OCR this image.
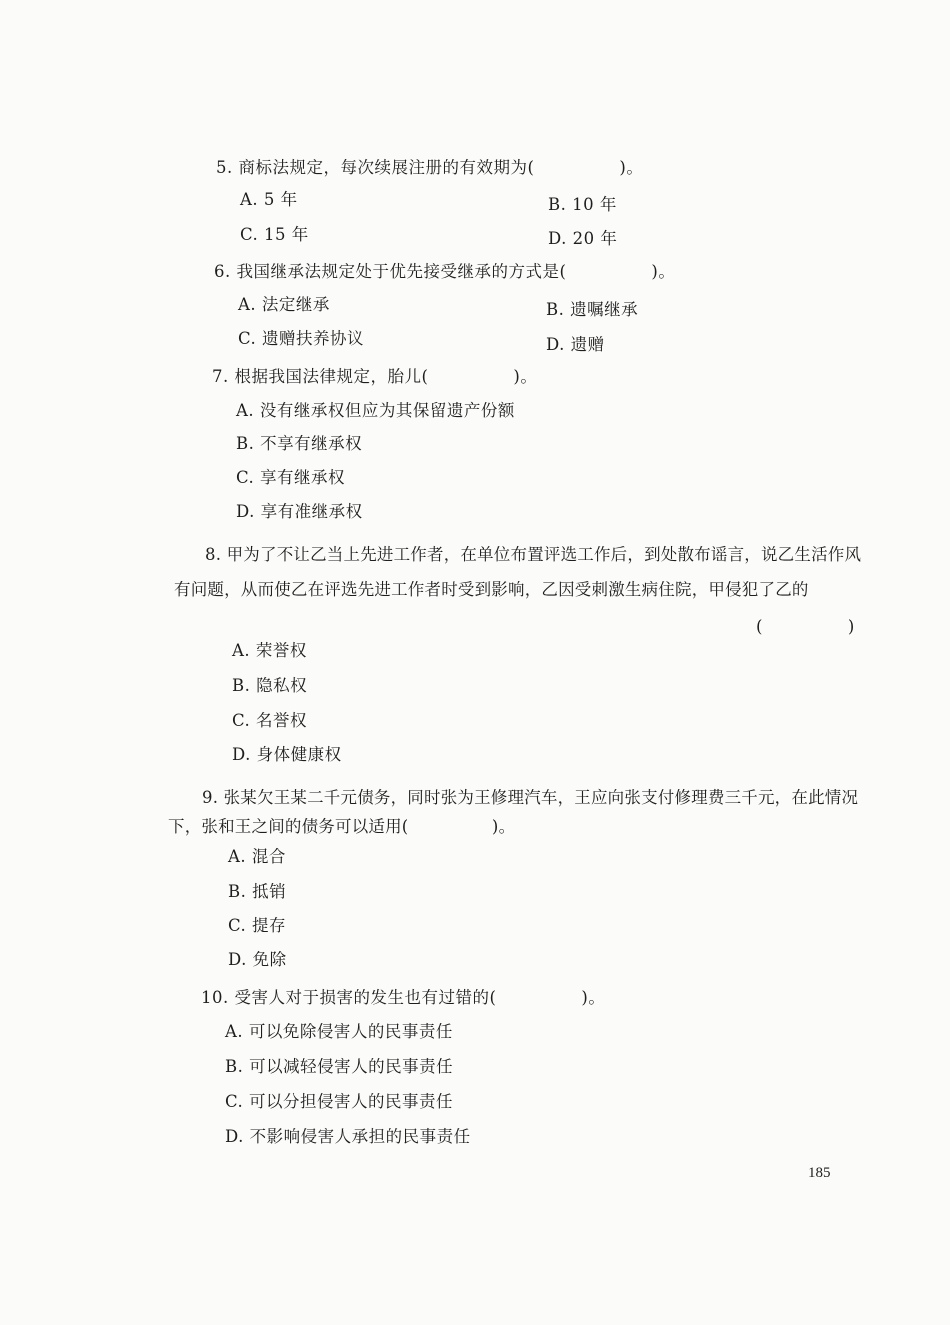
5. 商标法规定，每次续展注册的有效期为(　　　　　)。
A. 5 年	B. 10 年
C. 15 年	D. 20 年
6. 我国继承法规定处于优先接受继承的方式是(　　　　　)。
A. 法定继承	B. 遗嘱继承
C. 遗赠扶养协议	D. 遗赠
7. 根据我国法律规定，胎儿(　　　　　)。
A. 没有继承权但应为其保留遗产份额
B. 不享有继承权
C. 享有继承权
D. 享有准继承权
8. 甲为了不让乙当上先进工作者，在单位布置评选工作后，到处散布谣言，说乙生活作风
有问题，从而使乙在评选先进工作者时受到影响，乙因受刺激生病住院，甲侵犯了乙的
(　　　　　)
A. 荣誉权
B. 隐私权
C. 名誉权
D. 身体健康权
9. 张某欠王某二千元债务，同时张为王修理汽车，王应向张支付修理费三千元，在此情况
下，张和王之间的债务可以适用(　　　　　)。
A. 混合
B. 抵销
C. 提存
D. 免除
10. 受害人对于损害的发生也有过错的(　　　　　)。
A. 可以免除侵害人的民事责任
B. 可以减轻侵害人的民事责任
C. 可以分担侵害人的民事责任
D. 不影响侵害人承担的民事责任
185
